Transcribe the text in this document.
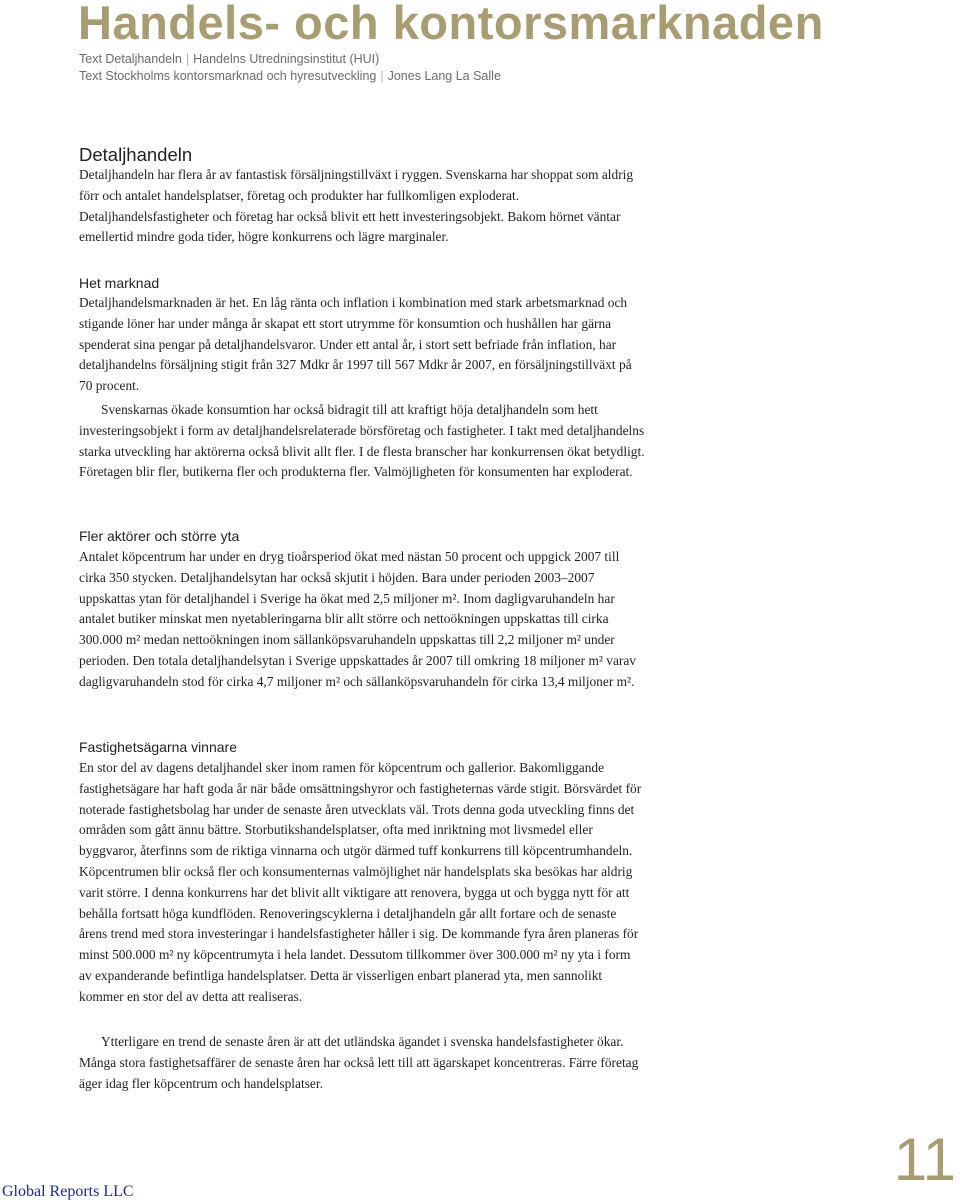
Handels- och kontorsmarknaden
Text Detaljhandeln | Handelns Utredningsinstitut (HUI)
Text Stockholms kontorsmarknad och hyresutveckling | Jones Lang La Salle
Detaljhandeln

Detaljhandeln har flera år av fantastisk försäljningstillväxt i ryggen. Svenskarna har shoppat som aldrig förr och antalet handelsplatser, företag och produkter har fullkomligen exploderat. Detaljhandelsfastigheter och företag har också blivit ett hett investeringsobjekt. Bakom hörnet väntar emellertid mindre goda tider, högre konkurrens och lägre marginaler.

Het marknad

Detaljhandelsmarknaden är het. En låg ränta och inflation i kombination med stark arbetsmarknad och stigande löner har under många år skapat ett stort utrymme för konsumtion och hushållen har gärna spenderat sina pengar på detaljhandelsvaror. Under ett antal år, i stort sett befriade från inflation, har detaljhandelns försäljning stigit från 327 Mdkr år 1997 till 567 Mdkr år 2007, en försäljningstillväxt på 70 procent.

Svenskarnas ökade konsumtion har också bidragit till att kraftigt höja detaljhandeln som hett investeringsobjekt i form av detaljhandelsrelaterade börsföretag och fastigheter. I takt med detaljhandelns starka utveckling har aktörerna också blivit allt fler. I de flesta branscher har konkurrensen ökat betydligt. Företagen blir fler, butikerna fler och produkterna fler. Valmöjligheten för konsumenten har exploderat.

Fler aktörer och större yta

Antalet köpcentrum har under en dryg tioårsperiod ökat med nästan 50 procent och uppgick 2007 till cirka 350 stycken. Detaljhandelsytan har också skjutit i höjden. Bara under perioden 2003–2007 uppskattas ytan för detaljhandel i Sverige ha ökat med 2,5 miljoner m². Inom dagligvaruhandeln har antalet butiker minskat men nyetableringarna blir allt större och nettoökningen uppskattas till cirka 300.000 m² medan nettoökningen inom sällanköpsvaruhandeln uppskattas till 2,2 miljoner m² under perioden. Den totala detaljhandelsytan i Sverige uppskattades år 2007 till omkring 18 miljoner m² varav dagligvaruhandeln stod för cirka 4,7 miljoner m² och sällanköpsvaruhandeln för cirka 13,4 miljoner m².

Fastighetsägarna vinnare

En stor del av dagens detaljhandel sker inom ramen för köpcentrum och gallerior. Bakomliggande fastighetsägare har haft goda år när både omsättningshyror och fastigheternas värde stigit. Börsvärdet för noterade fastighetsbolag har under de senaste åren utvecklats väl. Trots denna goda utveckling finns det områden som gått ännu bättre. Storbutikshandelsplatser, ofta med inriktning mot livsmedel eller byggvaror, återfinns som de riktiga vinnarna och utgör därmed tuff konkurrens till köpcentrumhandeln. Köpcentrumen blir också fler och konsumenternas valmöjlighet när handelsplats ska besökas har aldrig varit större. I denna konkurrens har det blivit allt viktigare att renovera, bygga ut och bygga nytt för att behålla fortsatt höga kundflöden. Renoveringscyklerna i detaljhandeln går allt fortare och de senaste årens trend med stora investeringar i handelsfastigheter håller i sig. De kommande fyra åren planeras för minst 500.000 m² ny köpcentrumyta i hela landet. Dessutom tillkommer över 300.000 m² ny yta i form av expanderande befintliga handelsplatser. Detta är visserligen enbart planerad yta, men sannolikt kommer en stor del av detta att realiseras.

Ytterligare en trend de senaste åren är att det utländska ägandet i svenska handelsfastigheter ökar. Många stora fastighetsaffärer de senaste åren har också lett till att ägarskapet koncentreras. Färre företag äger idag fler köpcentrum och handelsplatser.

Global Reports LLC	11
